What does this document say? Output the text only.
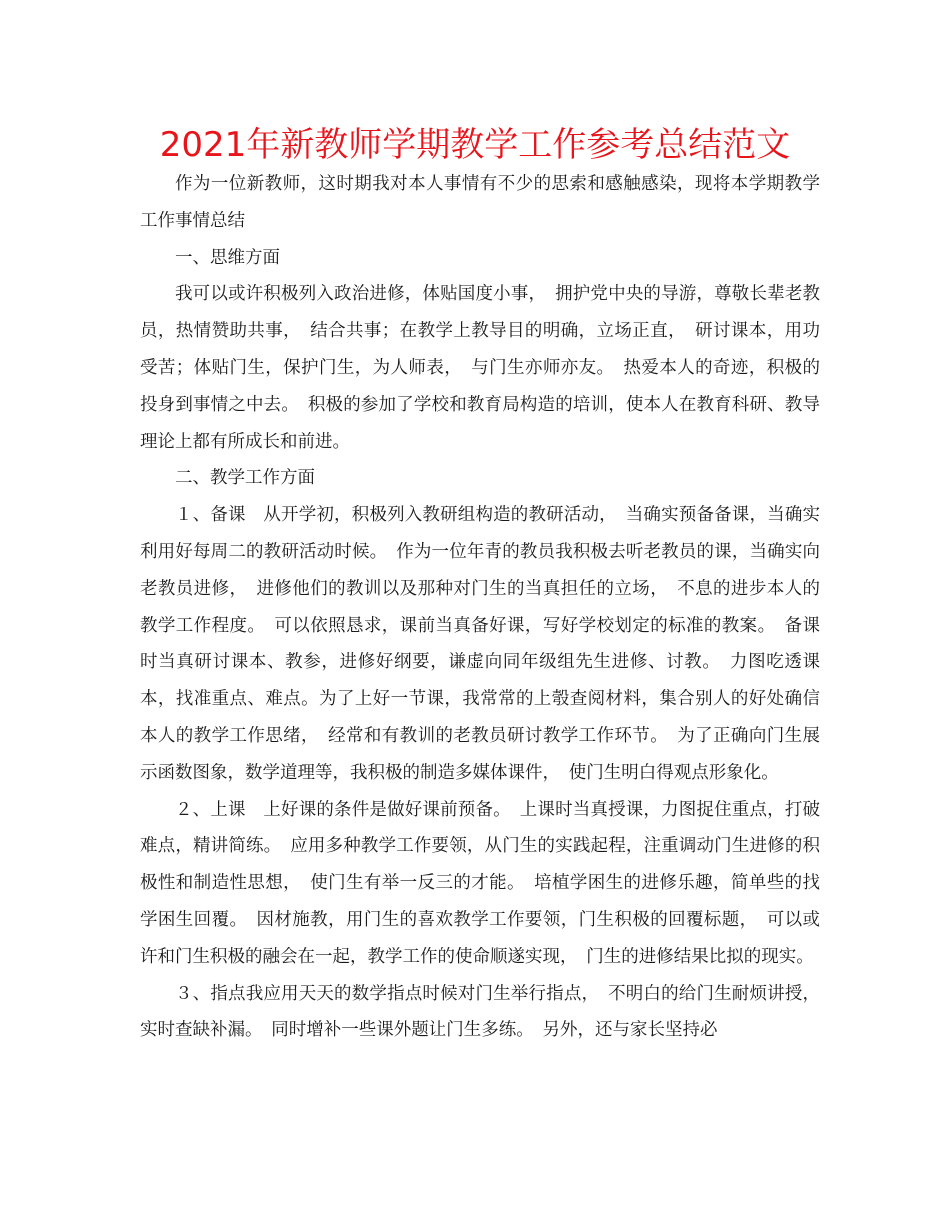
2021年新教师学期教学工作参考总结范文

作为一位新教师，这时期我对本人事情有不少的思索和感触感染，现将本学期教学工作事情总结

一、思维方面

我可以或许积极列入政治进修，体贴国度小事，　拥护党中央的导游，尊敬长辈老教员，热情赞助共事，　结合共事；在教学上教导目的明确，立场正直，　研讨课本，用功受苦；体贴门生，保护门生，为人师表，　与门生亦师亦友。　热爱本人的奇迹，积极的投身到事情之中去。　积极的参加了学校和教育局构造的培训，使本人在教育科研、教导理论上都有所成长和前进。

二、教学工作方面

１、备课　从开学初，积极列入教研组构造的教研活动，　当确实预备备课，当确实利用好每周二的教研活动时候。　作为一位年青的教员我积极去听老教员的课，当确实向老教员进修，　进修他们的教训以及那种对门生的当真担任的立场，　不息的进步本人的教学工作程度。　可以依照恳求，课前当真备好课，写好学校划定的标准的教案。　备课时当真研讨课本、教参，进修好纲要，谦虚向同年级组先生进修、讨教。　力图吃透课本，找准重点、难点。为了上好一节课，我常常的上彀查阅材料，集合别人的好处确信本人的教学工作思绪，　经常和有教训的老教员研讨教学工作环节。　为了正确向门生展示函数图象，数学道理等，我积极的制造多媒体课件，　使门生明白得观点形象化。

２、上课　上好课的条件是做好课前预备。　上课时当真授课，力图捉住重点，打破难点，精讲简练。　应用多种教学工作要领，从门生的实践起程，注重调动门生进修的积极性和制造性思想，　使门生有举一反三的才能。　培植学困生的进修乐趣，简单些的找学困生回覆。　因材施教，用门生的喜欢教学工作要领，门生积极的回覆标题，　可以或许和门生积极的融会在一起，教学工作的使命顺遂实现，　门生的进修结果比拟的现实。

３、指点我应用天天的数学指点时候对门生举行指点，　不明白的给门生耐烦讲授，实时查缺补漏。　同时增补一些课外题让门生多练。　另外，还与家长坚持必
